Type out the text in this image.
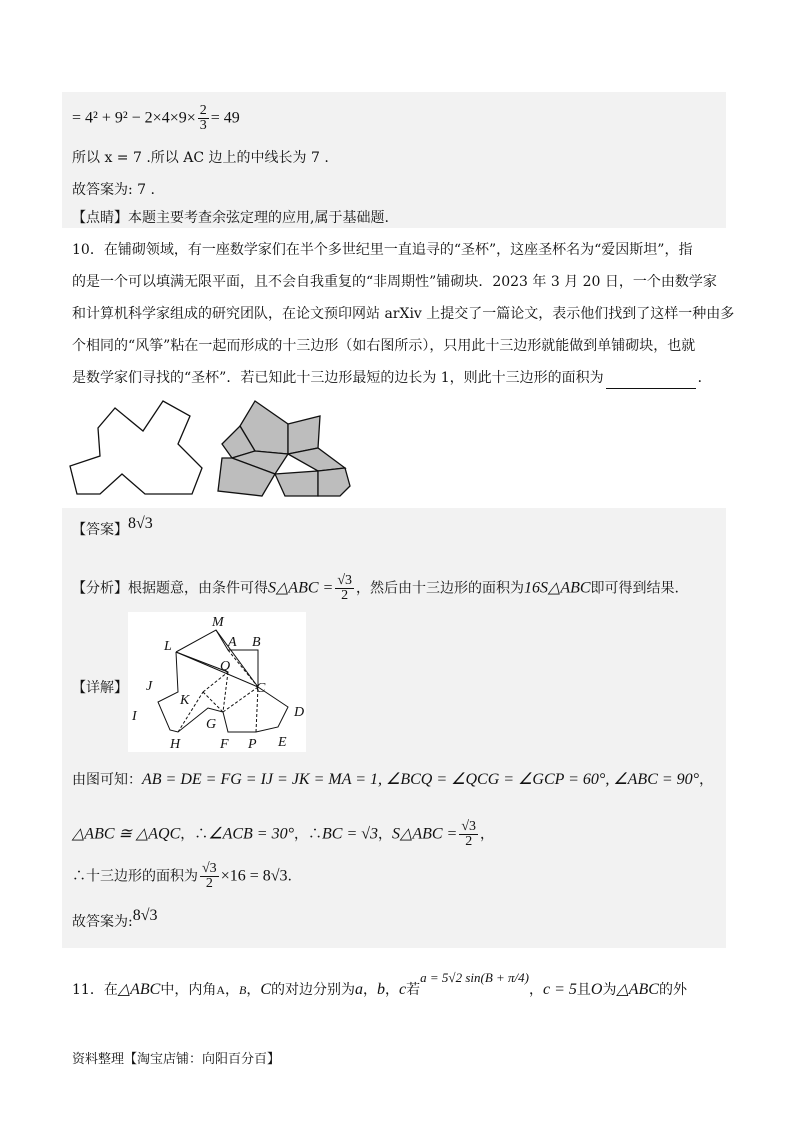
= $4^2 + 9^2 - 2\times 4\times 9\times \frac{2}{3} = 49$
所以 x = 7 .所以 AC 边上的中线长为 7 .
故答案为: 7 .
【点睛】本题主要考查余弦定理的应用,属于基础题.
10．在铺砌领域，有一座数学家们在半个多世纪里一直追寻的“圣杯”，这座圣杯名为“爱因斯坦”，指
的是一个可以填满无限平面，且不会自我重复的“非周期性”铺砌块．2023 年 3 月 20 日，一个由数学家
和计算机科学家组成的研究团队，在论文预印网站 arXiv 上提交了一篇论文，表示他们找到了这样一种由多
个相同的“风筝”粘在一起而形成的十三边形（如右图所示），只用此十三边形就能做到单铺砌块，也就
是数学家们寻找的“圣杯”．若已知此十三边形最短的边长为 1，则此十三边形的面积为	．
【答案】8√3
【分析】根据题意，由条件可得S△ABC = $\frac{√3}{2}$ ，然后由十三边形的面积为16S△ABC即可得到结果.
【详解】
M
L	A B
Q
J
K
C
I	D
G
H	F P E
由图可知：AB = DE = FG = IJ = JK = MA = 1, ∠BCQ = ∠QCG = ∠GCP = 60°, ∠ABC = 90°，
△ABC ≅ △AQC，∴∠ACB = 30°，∴BC = √3，S△ABC = $\frac{√3}{2}$ ，
∴十三边形的面积为 $\frac{√3}{2} \times 16 = 8√3$.
故答案为:8√3
11．在△ABC中，内角A，B，C的对边分别为a，b，c若a = 5√2 sin(B + π/4)，c = 5且O为△ABC的外
资料整理【淘宝店铺：向阳百分百】
